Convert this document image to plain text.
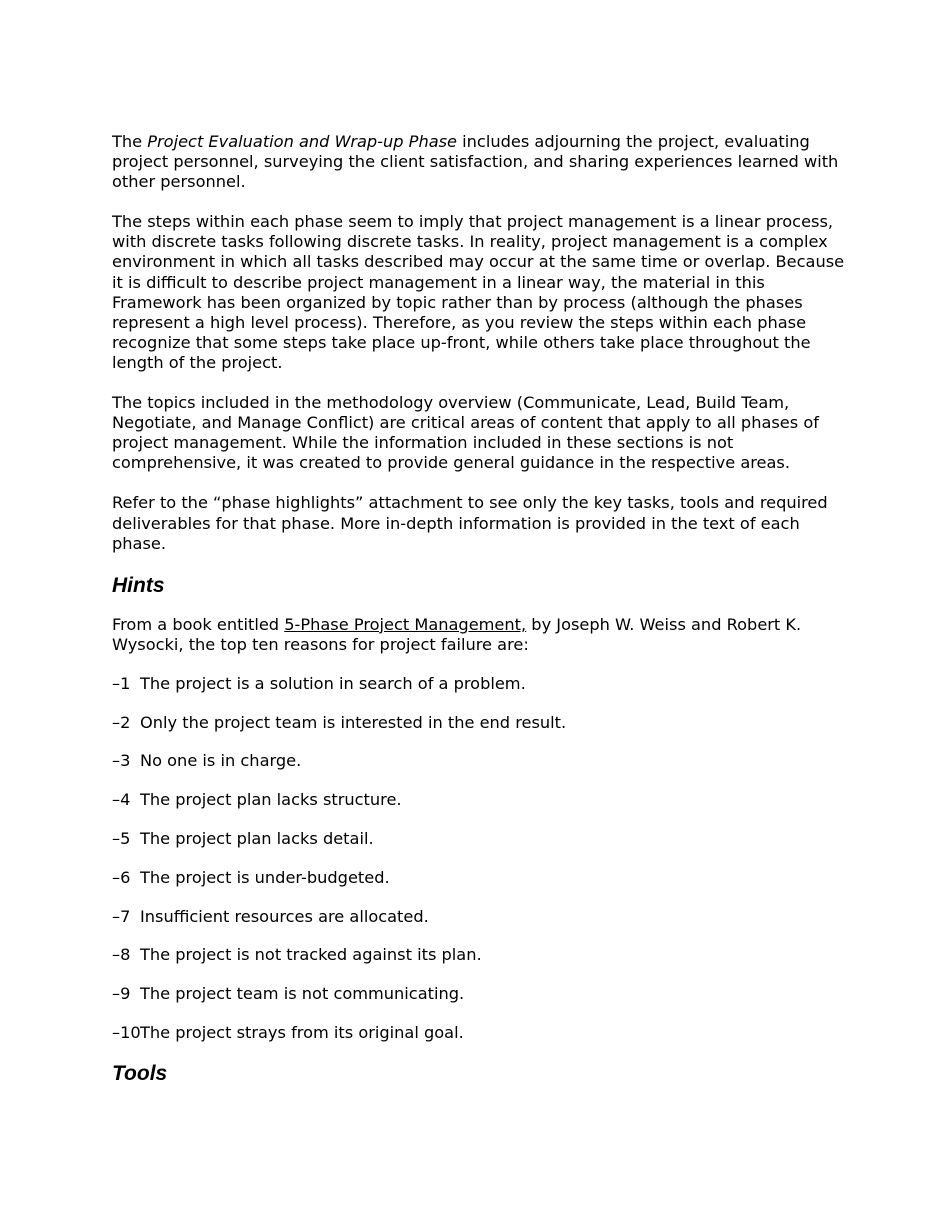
The Project Evaluation and Wrap-up Phase includes adjourning the project, evaluating project personnel, surveying the client satisfaction, and sharing experiences learned with other personnel.

The steps within each phase seem to imply that project management is a linear process, with discrete tasks following discrete tasks. In reality, project management is a complex environment in which all tasks described may occur at the same time or overlap. Because it is difficult to describe project management in a linear way, the material in this Framework has been organized by topic rather than by process (although the phases represent a high level process). Therefore, as you review the steps within each phase recognize that some steps take place up-front, while others take place throughout the length of the project.

The topics included in the methodology overview (Communicate, Lead, Build Team, Negotiate, and Manage Conflict) are critical areas of content that apply to all phases of project management. While the information included in these sections is not comprehensive, it was created to provide general guidance in the respective areas.

Refer to the “phase highlights” attachment to see only the key tasks, tools and required deliverables for that phase. More in-depth information is provided in the text of each phase.

Hints

From a book entitled 5-Phase Project Management, by Joseph W. Weiss and Robert K. Wysocki, the top ten reasons for project failure are:

–1 The project is a solution in search of a problem.
–2 Only the project team is interested in the end result.
–3 No one is in charge.
–4 The project plan lacks structure.
–5 The project plan lacks detail.
–6 The project is under-budgeted.
–7 Insufficient resources are allocated.
–8 The project is not tracked against its plan.
–9 The project team is not communicating.
–10 The project strays from its original goal.
Tools
